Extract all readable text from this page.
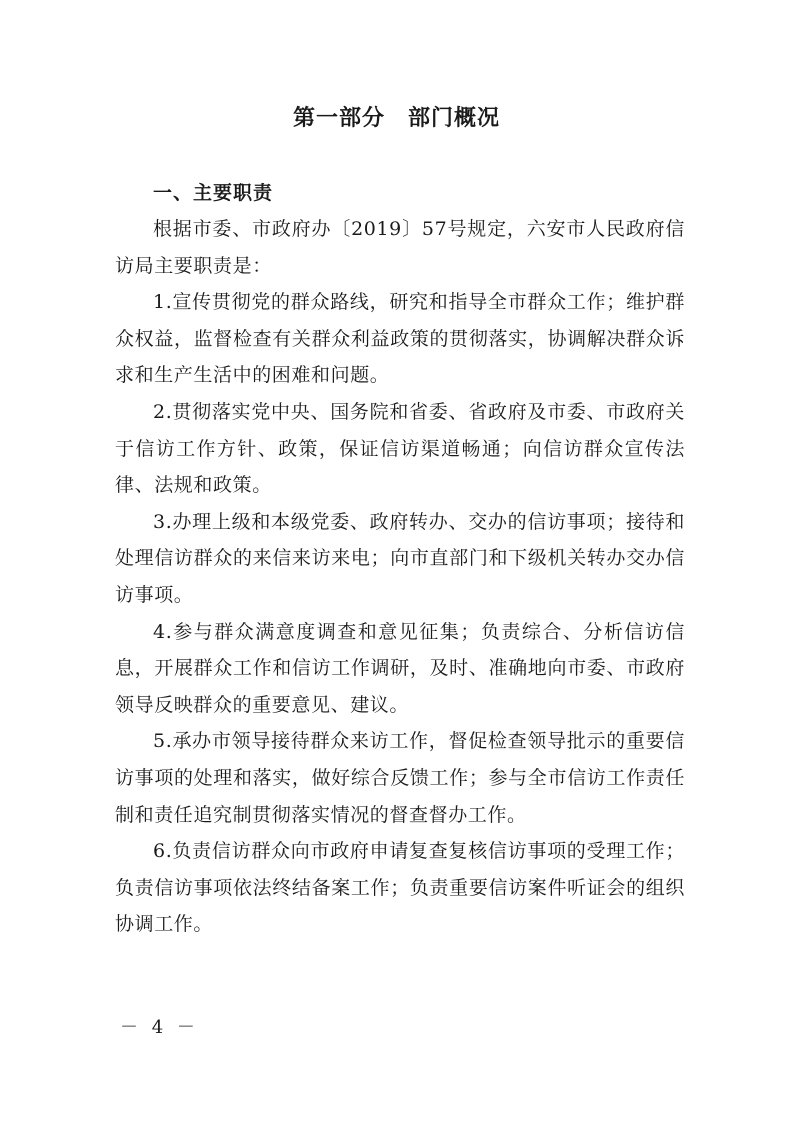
第一部分　部门概况
一、主要职责

根据市委、市政府办〔2019〕57号规定，六安市人民政府信访局主要职责是：

1.宣传贯彻党的群众路线，研究和指导全市群众工作；维护群众权益，监督检查有关群众利益政策的贯彻落实，协调解决群众诉求和生产生活中的困难和问题。

2.贯彻落实党中央、国务院和省委、省政府及市委、市政府关于信访工作方针、政策，保证信访渠道畅通；向信访群众宣传法律、法规和政策。

3.办理上级和本级党委、政府转办、交办的信访事项；接待和处理信访群众的来信来访来电；向市直部门和下级机关转办交办信访事项。

4.参与群众满意度调查和意见征集；负责综合、分析信访信息，开展群众工作和信访工作调研，及时、准确地向市委、市政府领导反映群众的重要意见、建议。

5.承办市领导接待群众来访工作，督促检查领导批示的重要信访事项的处理和落实，做好综合反馈工作；参与全市信访工作责任制和责任追究制贯彻落实情况的督查督办工作。

6.负责信访群众向市政府申请复查复核信访事项的受理工作；负责信访事项依法终结备案工作；负责重要信访案件听证会的组织协调工作。

－ 4 －
